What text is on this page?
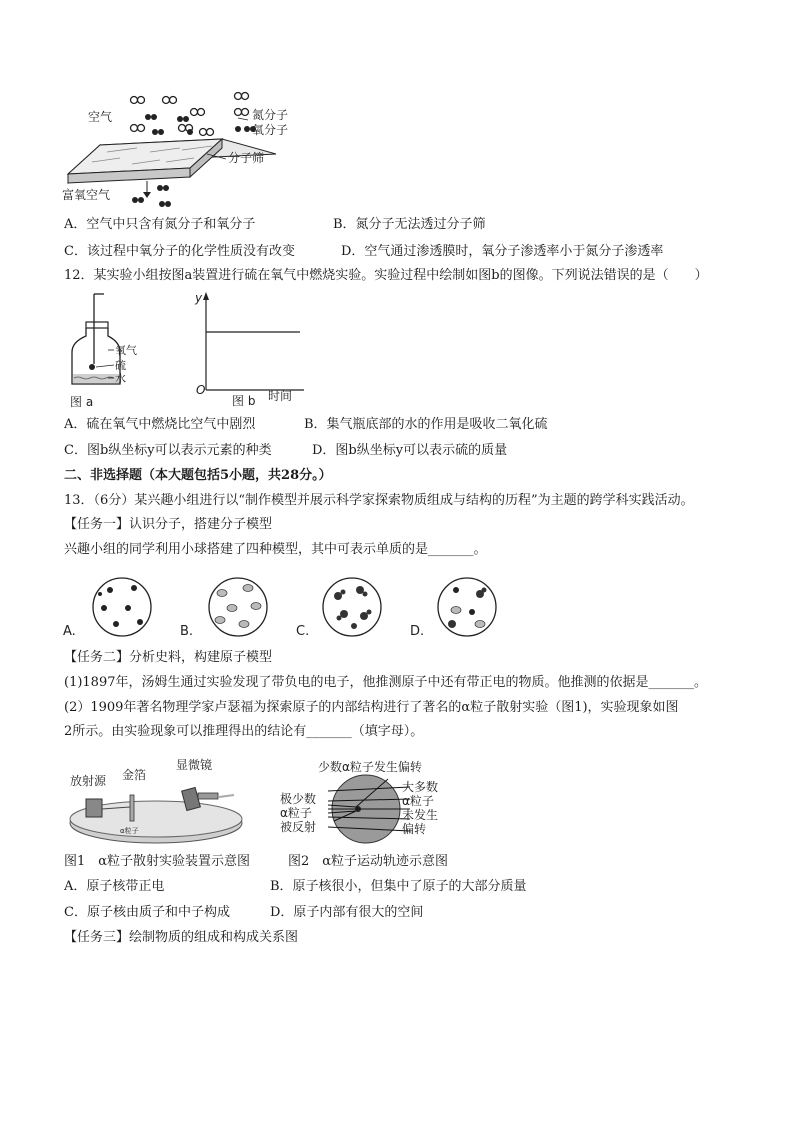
空气	氮分子
氧分子
分子筛
富氧空气
A．空气中只含有氮分子和氧分子	B．氮分子无法透过分子筛
C．该过程中氧分子的化学性质没有改变	D．空气通过渗透膜时，氧分子渗透率小于氮分子渗透率
12．某实验小组按图a装置进行硫在氧气中燃烧实验。实验过程中绘制如图b的图像。下列说法错误的是（　　）
氧气
硫
水
图 a
y
O
图 b 时间
A．硫在氧气中燃烧比空气中剧烈	B．集气瓶底部的水的作用是吸收二氧化硫
C．图b纵坐标y可以表示元素的种类	D．图b纵坐标y可以表示硫的质量
二、非选择题（本大题包括5小题，共28分。）
13．（6分）某兴趣小组进行以“制作模型并展示科学家探索物质组成与结构的历程”为主题的跨学科实践活动。
【任务一】认识分子，搭建分子模型
兴趣小组的同学利用小球搭建了四种模型，其中可表示单质的是_______。
A.	B.	C.	D.
【任务二】分析史料，构建原子模型
(1)1897年，汤姆生通过实验发现了带负电的电子，他推测原子中还有带正电的物质。他推测的依据是_______。
(2）1909年著名物理学家卢瑟福为探索原子的内部结构进行了著名的α粒子散射实验（图1)，实验现象如图
2所示。由实验现象可以推理得出的结论有_______（填字母）。
放射源 金箔
显微镜
α粒子
少数α粒子发生偏转
大多数
α粒子
未发生
偏转
极少数
α粒子
被反射
图1　α粒子散射实验装置示意图	图2　α粒子运动轨迹示意图
A．原子核带正电	B．原子核很小，但集中了原子的大部分质量
C．原子核由质子和中子构成	D．原子内部有很大的空间
【任务三】绘制物质的组成和构成关系图
